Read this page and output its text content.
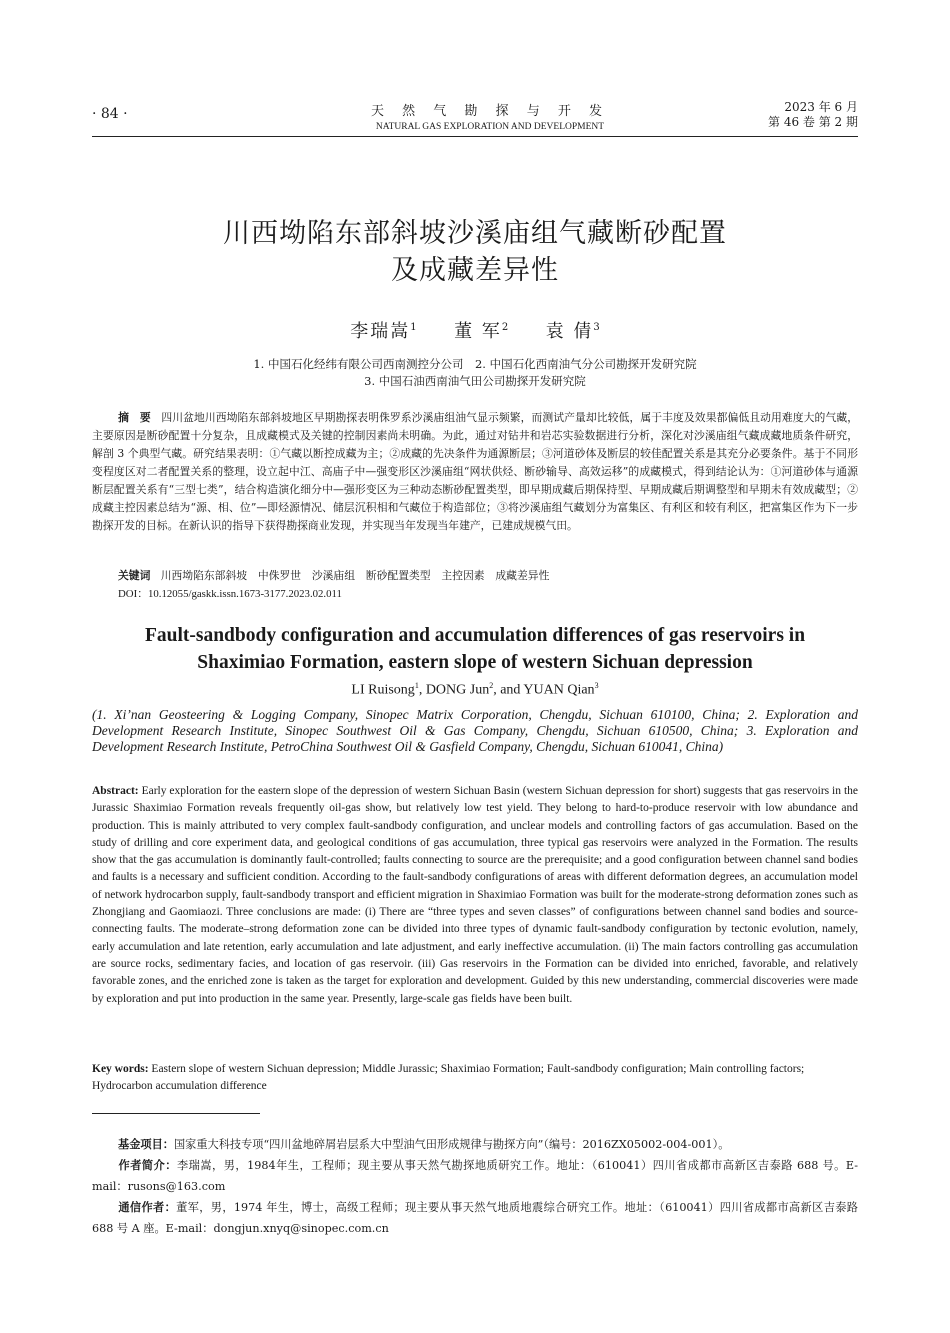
· 84 ·	天 然 气 勘 探 与 开 发
NATURAL GAS EXPLORATION AND DEVELOPMENT
2023 年 6 月
第 46 卷 第 2 期
川西坳陷东部斜坡沙溪庙组气藏断砂配置
及成藏差异性
李瑞嵩$^1$ 董 军$^2$ 袁 倩$^3$
1. 中国石化经纬有限公司西南测控分公司　2. 中国石化西南油气分公司勘探开发研究院
3. 中国石油西南油气田公司勘探开发研究院
摘　要 四川盆地川西坳陷东部斜坡地区早期勘探表明侏罗系沙溪庙组油气显示频繁，而测试产量却比较低，属于丰度及效果都偏低且动用难度大的气藏，主要原因是断砂配置十分复杂，且成藏模式及关键的控制因素尚未明确。为此，通过对钻井和岩芯实验数据进行分析，深化对沙溪庙组气藏成藏地质条件研究，解剖 3 个典型气藏。研究结果表明：①气藏以断控成藏为主；②成藏的先决条件为通源断层；③河道砂体及断层的较佳配置关系是其充分必要条件。基于不同形变程度区对二者配置关系的整理，设立起中江、高庙子中—强变形区沙溪庙组“网状供烃、断砂输导、高效运移”的成藏模式，得到结论认为：①河道砂体与通源断层配置关系有“三型七类”，结合构造演化细分中—强形变区为三种动态断砂配置类型，即早期成藏后期保持型、早期成藏后期调整型和早期未有效成藏型；②成藏主控因素总结为“源、相、位”—即烃源情况、储层沉积相和气藏位于构造部位；③将沙溪庙组气藏划分为富集区、有利区和较有利区，把富集区作为下一步勘探开发的目标。在新认识的指导下获得勘探商业发现，并实现当年发现当年建产，已建成规模气田。
关键词 川西坳陷东部斜坡　中侏罗世　沙溪庙组　断砂配置类型　主控因素　成藏差异性
DOI：10.12055/gaskk.issn.1673-3177.2023.02.011
Fault-sandbody configuration and accumulation differences of gas reservoirs in
Shaximiao Formation, eastern slope of western Sichuan depression
LI Ruisong$^1$, DONG Jun$^2$, and YUAN Qian$^3$
(1. Xi’nan Geosteering & Logging Company, Sinopec Matrix Corporation, Chengdu, Sichuan 610100, China; 2. Exploration and Development Research Institute, Sinopec Southwest Oil & Gas Company, Chengdu, Sichuan 610500, China; 3. Exploration and Development Research Institute, PetroChina Southwest Oil & Gasfield Company, Chengdu, Sichuan 610041, China)
Abstract: Early exploration for the eastern slope of the depression of western Sichuan Basin (western Sichuan depression for short) suggests that gas reservoirs in the Jurassic Shaximiao Formation reveals frequently oil-gas show, but relatively low test yield. They belong to hard-to-produce reservoir with low abundance and production. This is mainly attributed to very complex fault-sandbody configuration, and unclear models and controlling factors of gas accumulation. Based on the study of drilling and core experiment data, and geological conditions of gas accumulation, three typical gas reservoirs were analyzed in the Formation. The results show that the gas accumulation is dominantly fault-controlled; faults connecting to source are the prerequisite; and a good configuration between channel sand bodies and faults is a necessary and sufficient condition. According to the fault-sandbody configurations of areas with different deformation degrees, an accumulation model of network hydrocarbon supply, fault-sandbody transport and efficient migration in Shaximiao Formation was built for the moderate-strong deformation zones such as Zhongjiang and Gaomiaozi. Three conclusions are made: (i) There are “three types and seven classes” of configurations between channel sand bodies and source-connecting faults. The moderate–strong deformation zone can be divided into three types of dynamic fault-sandbody configuration by tectonic evolution, namely, early accumulation and late retention, early accumulation and late adjustment, and early ineffective accumulation. (ii) The main factors controlling gas accumulation are source rocks, sedimentary facies, and location of gas reservoir. (iii) Gas reservoirs in the Formation can be divided into enriched, favorable, and relatively favorable zones, and the enriched zone is taken as the target for exploration and development. Guided by this new understanding, commercial discoveries were made by exploration and put into production in the same year. Presently, large-scale gas fields have been built.
Key words: Eastern slope of western Sichuan depression; Middle Jurassic; Shaximiao Formation; Fault-sandbody configuration; Main controlling factors; Hydrocarbon accumulation difference
基金项目：国家重大科技专项“四川盆地碎屑岩层系大中型油气田形成规律与勘探方向”（编号：2016ZX05002-004-001）。
作者简介：李瑞嵩，男，1984年生，工程师；现主要从事天然气勘探地质研究工作。地址：（610041）四川省成都市高新区吉泰路 688 号。E-mail：rusons@163.com
通信作者：董军，男，1974 年生，博士，高级工程师；现主要从事天然气地质地震综合研究工作。地址：（610041）四川省成都市高新区吉泰路 688 号 A 座。E-mail：dongjun.xnyq@sinopec.com.cn
